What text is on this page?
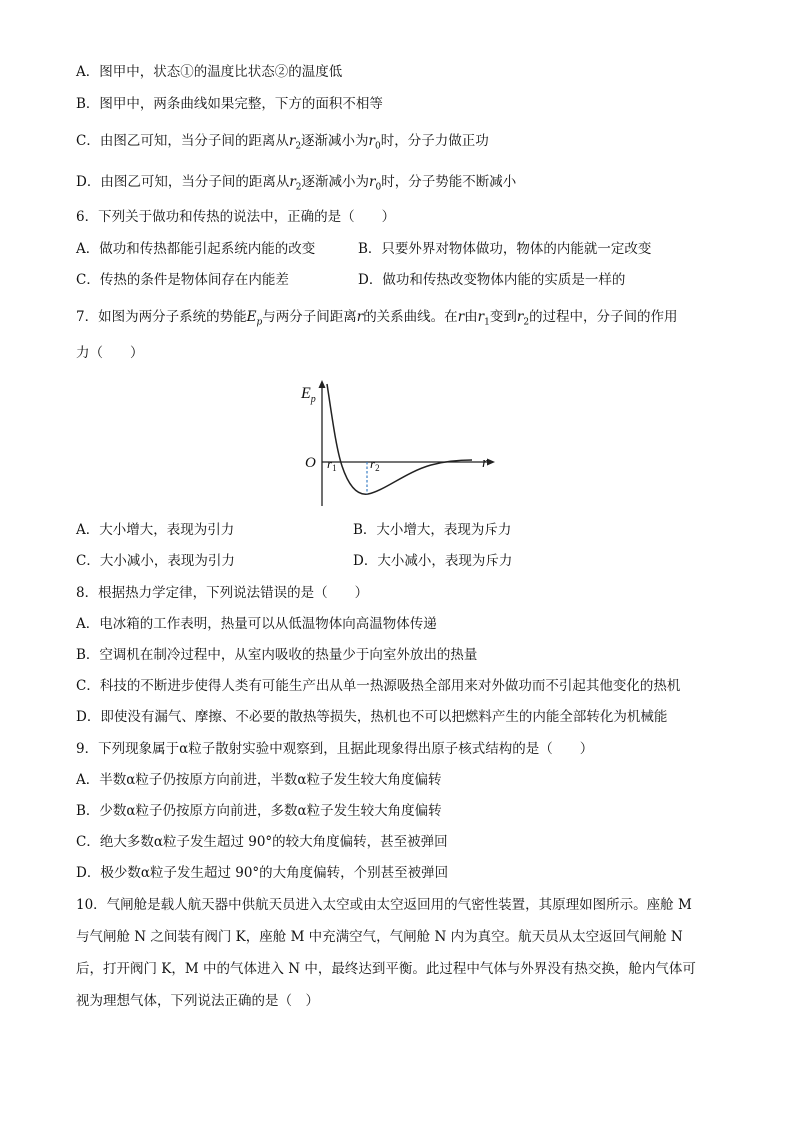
A．图甲中，状态①的温度比状态②的温度低
B．图甲中，两条曲线如果完整，下方的面积不相等
C．由图乙可知，当分子间的距离从$r_2$逐渐减小为$r_0$时，分子力做正功
D．由图乙可知，当分子间的距离从$r_2$逐渐减小为$r_0$时，分子势能不断减小
6．下列关于做功和传热的说法中，正确的是（　　）
A．做功和传热都能引起系统内能的改变	B．只要外界对物体做功，物体的内能就一定改变
C．传热的条件是物体间存在内能差	D．做功和传热改变物体内能的实质是一样的
7．如图为两分子系统的势能$E_p$与两分子间距离r的关系曲线。在r由$r_1$变到$r_2$的过程中，分子间的作用
力（　　）
$E_p$
O	r
$r_1$	$r_2$
A．大小增大，表现为引力	B．大小增大，表现为斥力
C．大小减小，表现为引力	D．大小减小，表现为斥力
8．根据热力学定律，下列说法错误的是（　　）
A．电冰箱的工作表明，热量可以从低温物体向高温物体传递
B．空调机在制冷过程中，从室内吸收的热量少于向室外放出的热量
C．科技的不断进步使得人类有可能生产出从单一热源吸热全部用来对外做功而不引起其他变化的热机
D．即使没有漏气、摩擦、不必要的散热等损失，热机也不可以把燃料产生的内能全部转化为机械能
9．下列现象属于α粒子散射实验中观察到，且据此现象得出原子核式结构的是（　　）
A．半数α粒子仍按原方向前进，半数α粒子发生较大角度偏转
B．少数α粒子仍按原方向前进，多数α粒子发生较大角度偏转
C．绝大多数α粒子发生超过 90°的较大角度偏转，甚至被弹回
D．极少数α粒子发生超过 90°的大角度偏转，个别甚至被弹回
10．气闸舱是载人航天器中供航天员进入太空或由太空返回用的气密性装置，其原理如图所示。座舱 M
与气闸舱 N 之间装有阀门 K，座舱 M 中充满空气，气闸舱 N 内为真空。航天员从太空返回气闸舱 N
后，打开阀门 K，M 中的气体进入 N 中，最终达到平衡。此过程中气体与外界没有热交换，舱内气体可
视为理想气体，下列说法正确的是（　）
